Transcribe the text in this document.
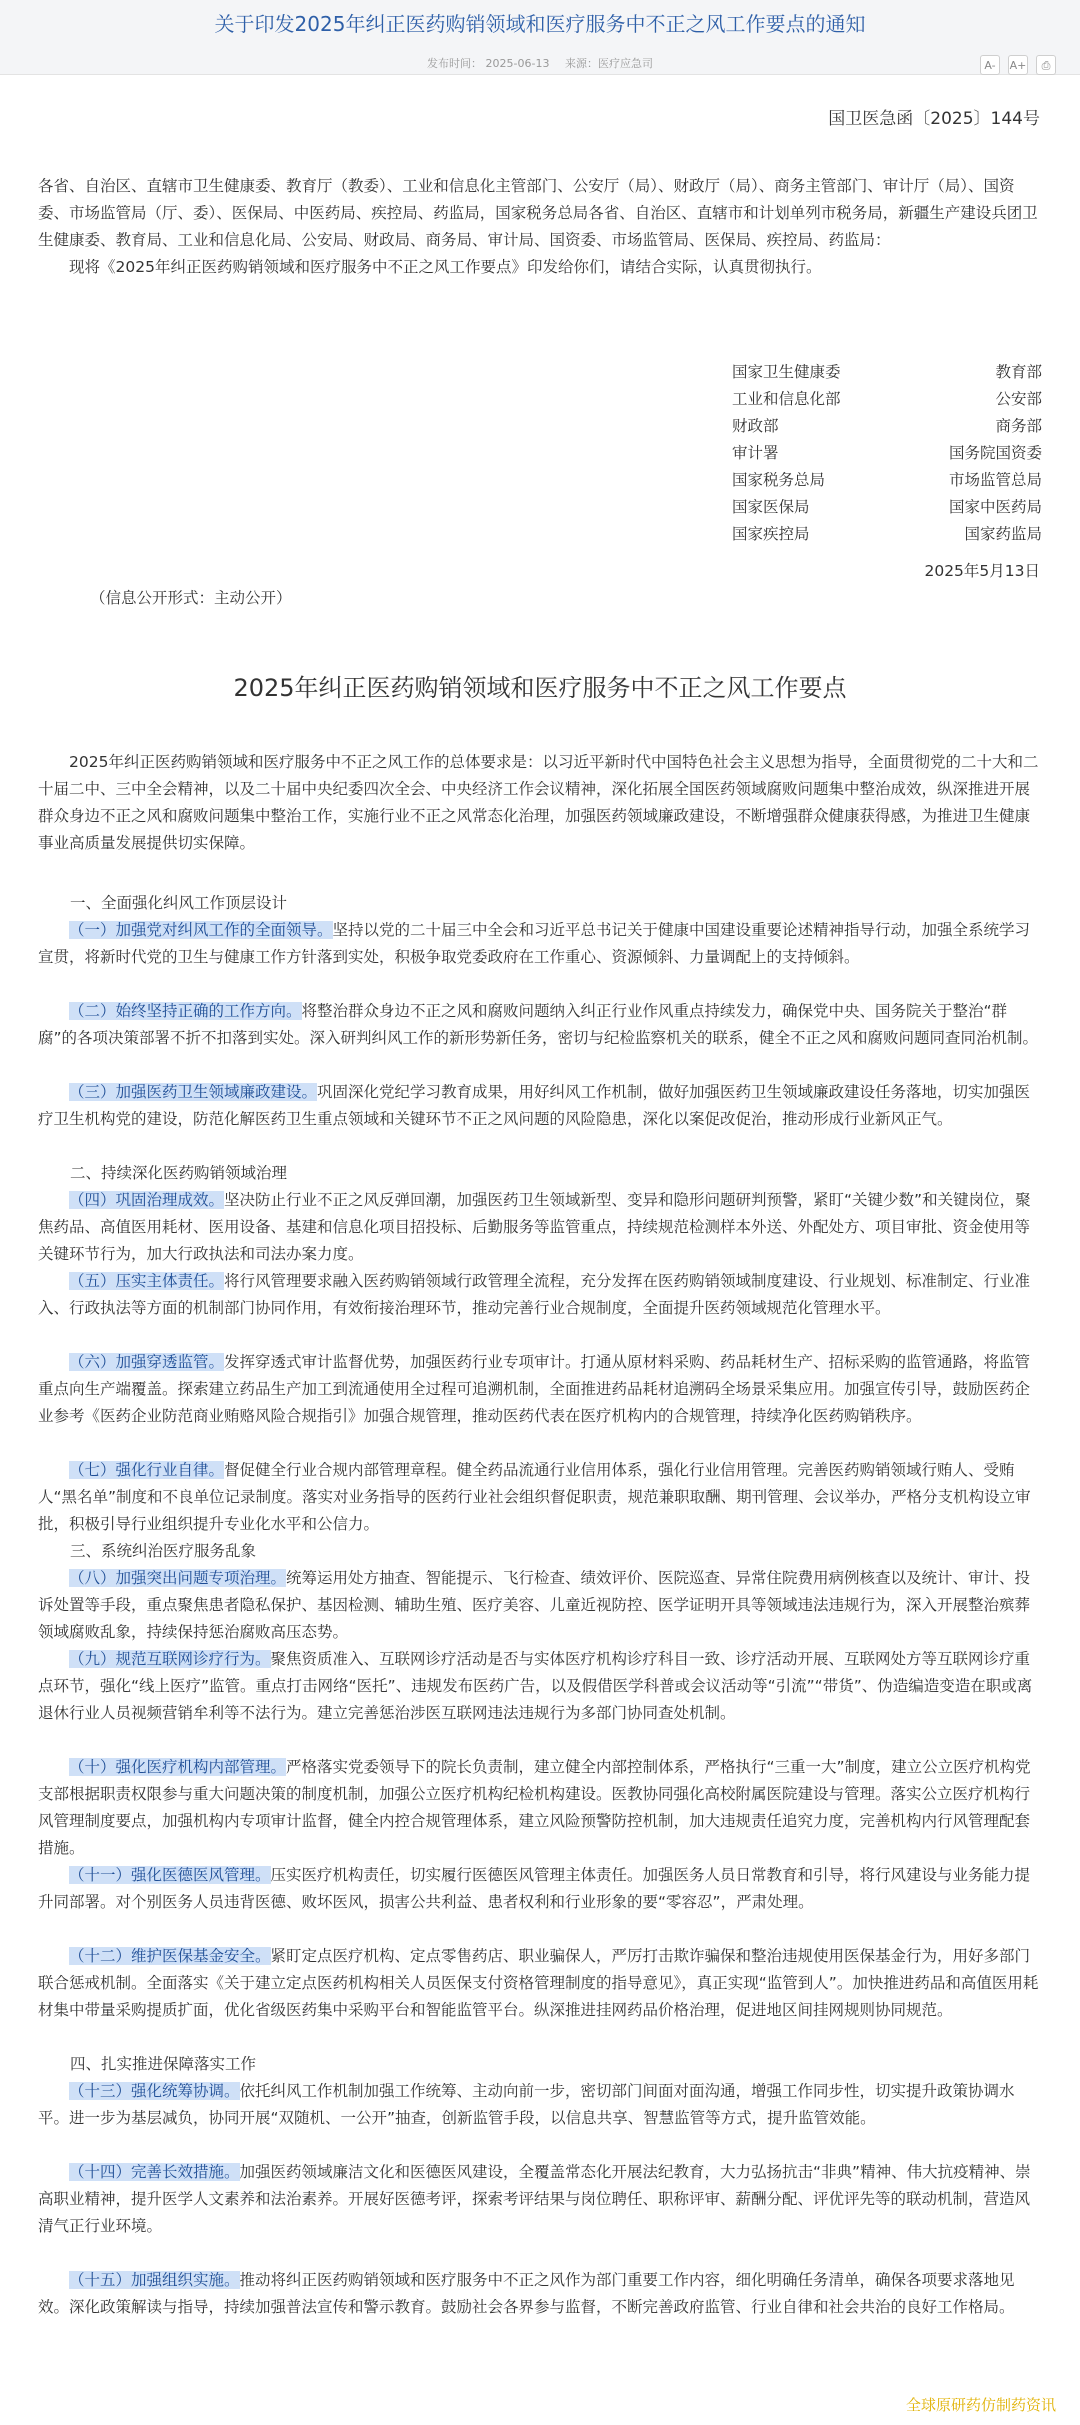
关于印发2025年纠正医药购销领域和医疗服务中不正之风工作要点的通知
发布时间： 2025-06-13 来源：医疗应急司	A-	A+	⎙
国卫医急函〔2025〕144号
各省、自治区、直辖市卫生健康委、教育厅（教委）、工业和信息化主管部门、公安厅（局）、财政厅（局）、商务主管部门、审计厅（局）、国资委、市场监管局（厅、委）、医保局、中医药局、疾控局、药监局，国家税务总局各省、自治区、直辖市和计划单列市税务局，新疆生产建设兵团卫生健康委、教育局、工业和信息化局、公安局、财政局、商务局、审计局、国资委、市场监管局、医保局、疾控局、药监局：
现将《2025年纠正医药购销领域和医疗服务中不正之风工作要点》印发给你们，请结合实际，认真贯彻执行。
国家卫生健康委	教育部
工业和信息化部	公安部
财政部	商务部
审计署	国务院国资委
国家税务总局	市场监管总局
国家医保局	国家中医药局
国家疾控局	国家药监局
2025年5月13日
（信息公开形式：主动公开）
2025年纠正医药购销领域和医疗服务中不正之风工作要点
2025年纠正医药购销领域和医疗服务中不正之风工作的总体要求是：以习近平新时代中国特色社会主义思想为指导，全面贯彻党的二十大和二十届二中、三中全会精神，以及二十届中央纪委四次全会、中央经济工作会议精神，深化拓展全国医药领域腐败问题集中整治成效，纵深推进开展群众身边不正之风和腐败问题集中整治工作，实施行业不正之风常态化治理，加强医药领域廉政建设，不断增强群众健康获得感，为推进卫生健康事业高质量发展提供切实保障。
一、全面强化纠风工作顶层设计
（一）加强党对纠风工作的全面领导。坚持以党的二十届三中全会和习近平总书记关于健康中国建设重要论述精神指导行动，加强全系统学习宣贯，将新时代党的卫生与健康工作方针落到实处，积极争取党委政府在工作重心、资源倾斜、力量调配上的支持倾斜。
（二）始终坚持正确的工作方向。将整治群众身边不正之风和腐败问题纳入纠正行业作风重点持续发力，确保党中央、国务院关于整治“群腐”的各项决策部署不折不扣落到实处。深入研判纠风工作的新形势新任务，密切与纪检监察机关的联系，健全不正之风和腐败问题同查同治机制。
（三）加强医药卫生领域廉政建设。巩固深化党纪学习教育成果，用好纠风工作机制，做好加强医药卫生领域廉政建设任务落地，切实加强医疗卫生机构党的建设，防范化解医药卫生重点领域和关键环节不正之风问题的风险隐患，深化以案促改促治，推动形成行业新风正气。
二、持续深化医药购销领域治理
（四）巩固治理成效。坚决防止行业不正之风反弹回潮，加强医药卫生领域新型、变异和隐形问题研判预警，紧盯“关键少数”和关键岗位，聚焦药品、高值医用耗材、医用设备、基建和信息化项目招投标、后勤服务等监管重点，持续规范检测样本外送、外配处方、项目审批、资金使用等关键环节行为，加大行政执法和司法办案力度。
（五）压实主体责任。将行风管理要求融入医药购销领域行政管理全流程，充分发挥在医药购销领域制度建设、行业规划、标准制定、行业准入、行政执法等方面的机制部门协同作用，有效衔接治理环节，推动完善行业合规制度，全面提升医药领域规范化管理水平。
（六）加强穿透监管。发挥穿透式审计监督优势，加强医药行业专项审计。打通从原材料采购、药品耗材生产、招标采购的监管通路，将监管重点向生产端覆盖。探索建立药品生产加工到流通使用全过程可追溯机制，全面推进药品耗材追溯码全场景采集应用。加强宣传引导，鼓励医药企业参考《医药企业防范商业贿赂风险合规指引》加强合规管理，推动医药代表在医疗机构内的合规管理，持续净化医药购销秩序。
（七）强化行业自律。督促健全行业合规内部管理章程。健全药品流通行业信用体系，强化行业信用管理。完善医药购销领域行贿人、受贿人“黑名单”制度和不良单位记录制度。落实对业务指导的医药行业社会组织督促职责，规范兼职取酬、期刊管理、会议举办，严格分支机构设立审批，积极引导行业组织提升专业化水平和公信力。
三、系统纠治医疗服务乱象
（八）加强突出问题专项治理。统筹运用处方抽查、智能提示、飞行检查、绩效评价、医院巡查、异常住院费用病例核查以及统计、审计、投诉处置等手段，重点聚焦患者隐私保护、基因检测、辅助生殖、医疗美容、儿童近视防控、医学证明开具等领域违法违规行为，深入开展整治殡葬领域腐败乱象，持续保持惩治腐败高压态势。
（九）规范互联网诊疗行为。聚焦资质准入、互联网诊疗活动是否与实体医疗机构诊疗科目一致、诊疗活动开展、互联网处方等互联网诊疗重点环节，强化“线上医疗”监管。重点打击网络“医托”、违规发布医药广告，以及假借医学科普或会议活动等“引流”“带货”、伪造编造变造在职或离退休行业人员视频营销牟利等不法行为。建立完善惩治涉医互联网违法违规行为多部门协同查处机制。
（十）强化医疗机构内部管理。严格落实党委领导下的院长负责制，建立健全内部控制体系，严格执行“三重一大”制度，建立公立医疗机构党支部根据职责权限参与重大问题决策的制度机制，加强公立医疗机构纪检机构建设。医教协同强化高校附属医院建设与管理。落实公立医疗机构行风管理制度要点，加强机构内专项审计监督，健全内控合规管理体系，建立风险预警防控机制，加大违规责任追究力度，完善机构内行风管理配套措施。
（十一）强化医德医风管理。压实医疗机构责任，切实履行医德医风管理主体责任。加强医务人员日常教育和引导，将行风建设与业务能力提升同部署。对个别医务人员违背医德、败坏医风，损害公共利益、患者权利和行业形象的要“零容忍”，严肃处理。
（十二）维护医保基金安全。紧盯定点医疗机构、定点零售药店、职业骗保人，严厉打击欺诈骗保和整治违规使用医保基金行为，用好多部门联合惩戒机制。全面落实《关于建立定点医药机构相关人员医保支付资格管理制度的指导意见》，真正实现“监管到人”。加快推进药品和高值医用耗材集中带量采购提质扩面，优化省级医药集中采购平台和智能监管平台。纵深推进挂网药品价格治理，促进地区间挂网规则协同规范。
四、扎实推进保障落实工作
（十三）强化统筹协调。依托纠风工作机制加强工作统筹、主动向前一步，密切部门间面对面沟通，增强工作同步性，切实提升政策协调水平。进一步为基层减负，协同开展“双随机、一公开”抽查，创新监管手段，以信息共享、智慧监管等方式，提升监管效能。
（十四）完善长效措施。加强医药领域廉洁文化和医德医风建设，全覆盖常态化开展法纪教育，大力弘扬抗击“非典”精神、伟大抗疫精神、崇高职业精神，提升医学人文素养和法治素养。开展好医德考评，探索考评结果与岗位聘任、职称评审、薪酬分配、评优评先等的联动机制，营造风清气正行业环境。
（十五）加强组织实施。推动将纠正医药购销领域和医疗服务中不正之风作为部门重要工作内容，细化明确任务清单，确保各项要求落地见效。深化政策解读与指导，持续加强普法宣传和警示教育。鼓励社会各界参与监督，不断完善政府监管、行业自律和社会共治的良好工作格局。
全球原研药仿制药资讯
